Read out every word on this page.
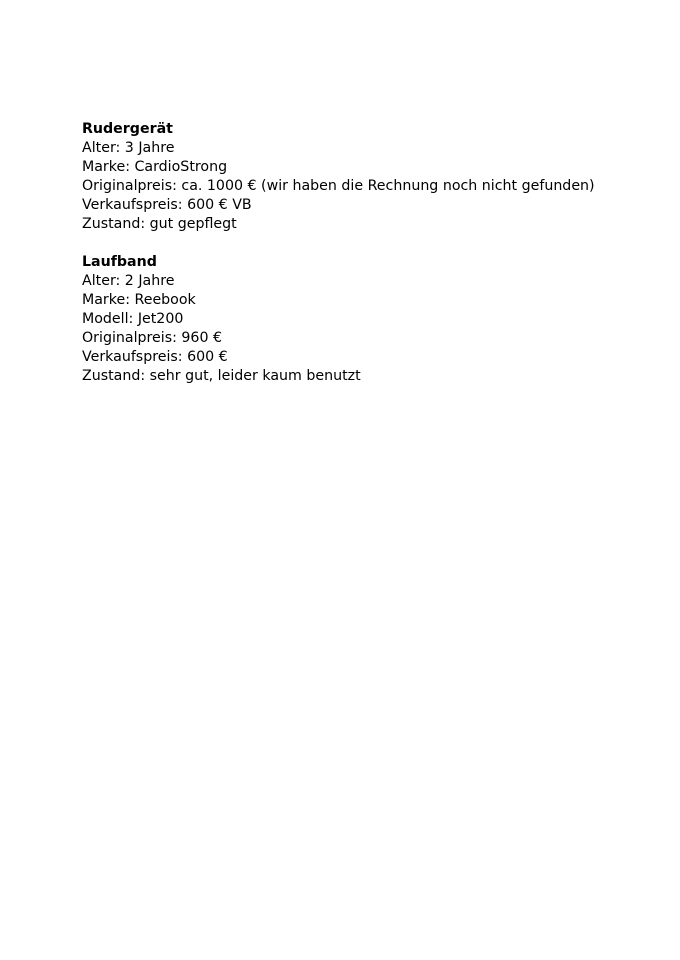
Rudergerät
Alter: 3 Jahre
Marke: CardioStrong
Originalpreis: ca. 1000 € (wir haben die Rechnung noch nicht gefunden)
Verkaufspreis: 600 € VB
Zustand: gut gepflegt
Laufband
Alter: 2 Jahre
Marke: Reebook
Modell: Jet200
Originalpreis: 960 €
Verkaufspreis: 600 €
Zustand: sehr gut, leider kaum benutzt
